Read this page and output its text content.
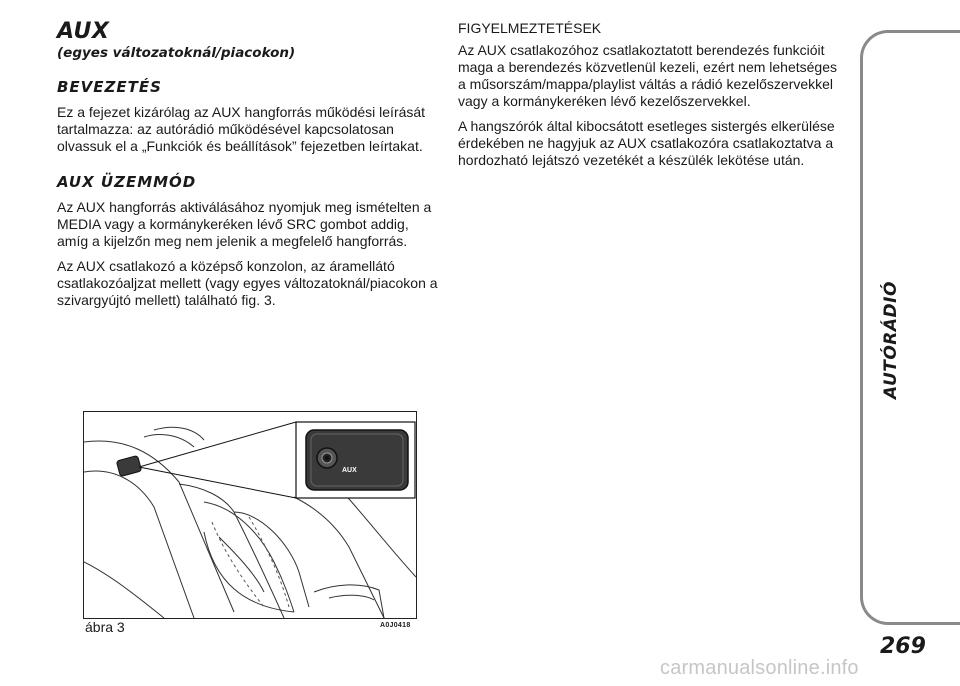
AUX
(egyes változatoknál/piacokon)
BEVEZETÉS

Ez a fejezet kizárólag az AUX hangforrás működési leírását tartalmazza: az autórádió működésével kapcsolatosan olvassuk el a „Funkciók és beállítások” fejezetben leírtakat.

AUX ÜZEMMÓD

Az AUX hangforrás aktiválásához nyomjuk meg ismételten a MEDIA vagy a kormánykeréken lévő SRC gombot addig, amíg a kijelzőn meg nem jelenik a megfelelő hangforrás.

Az AUX csatlakozó a középső konzolon, az áramellátó csatlakozóaljzat mellett (vagy egyes változatoknál/piacokon a szivargyújtó mellett) található fig. 3.

FIGYELMEZTETÉSEK

Az AUX csatlakozóhoz csatlakoztatott berendezés funkcióit maga a berendezés közvetlenül kezeli, ezért nem lehetséges a műsorszám/mappa/playlist váltás a rádió kezelőszervekkel vagy a kormánykeréken lévő kezelőszervekkel.

A hangszórók által kibocsátott esetleges sistergés elkerülése érdekében ne hagyjuk az AUX csatlakozóra csatlakoztatva a hordozható lejátszó vezetékét a készülék lekötése után.

AUX
ábra 3	A0J0418
AUTÓRÁDIÓ
269
carmanualsonline.info
